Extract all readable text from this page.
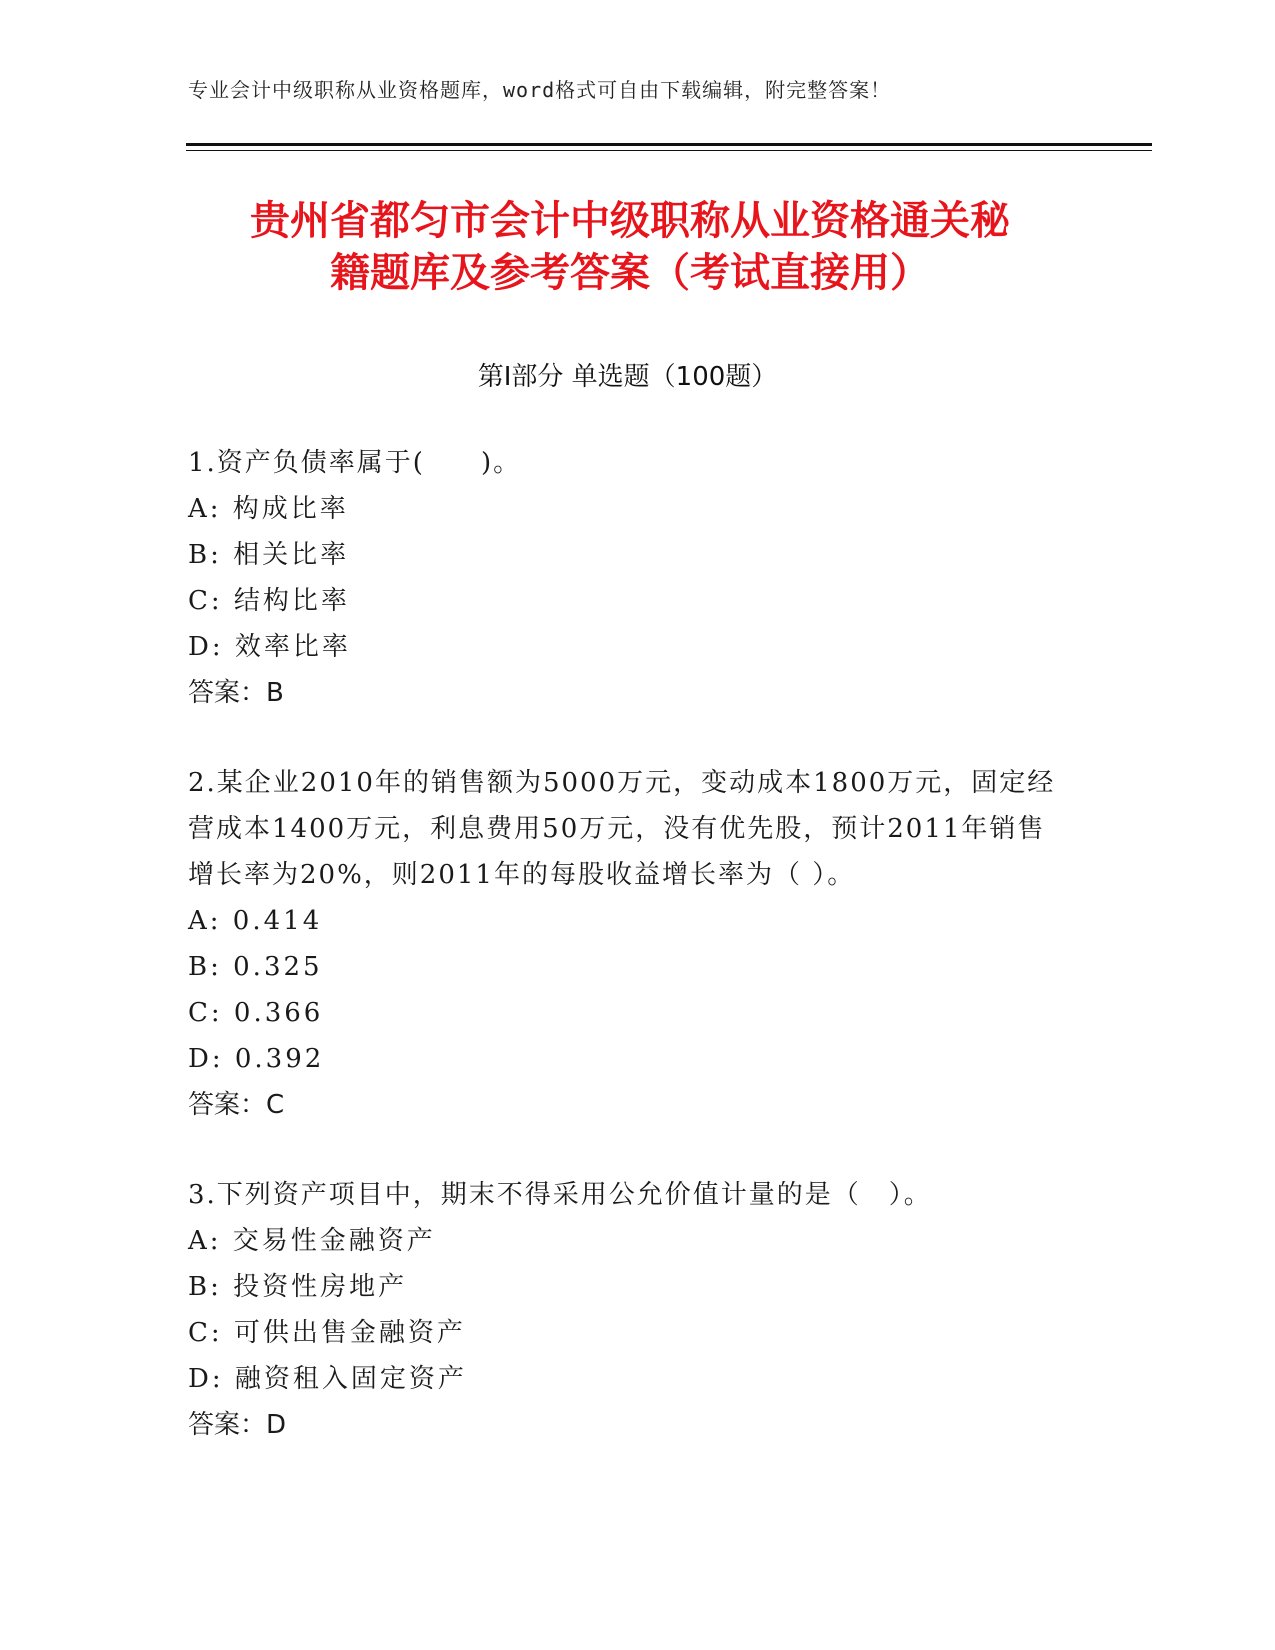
专业会计中级职称从业资格题库，word格式可自由下载编辑，附完整答案！
贵州省都匀市会计中级职称从业资格通关秘
籍题库及参考答案（考试直接用）
第Ⅰ部分 单选题（100题）

1.资产负债率属于(　　)。

A: 构成比率

B: 相关比率

C: 结构比率

D: 效率比率

答案：B

2.某企业2010年的销售额为5000万元，变动成本1800万元，固定经营成本1400万元，利息费用50万元，没有优先股，预计2011年销售增长率为20%，则2011年的每股收益增长率为（ ）。

A: 0.414

B: 0.325

C: 0.366

D: 0.392

答案：C

3.下列资产项目中，期末不得采用公允价值计量的是（　）。

A: 交易性金融资产

B: 投资性房地产

C: 可供出售金融资产

D: 融资租入固定资产

答案：D
